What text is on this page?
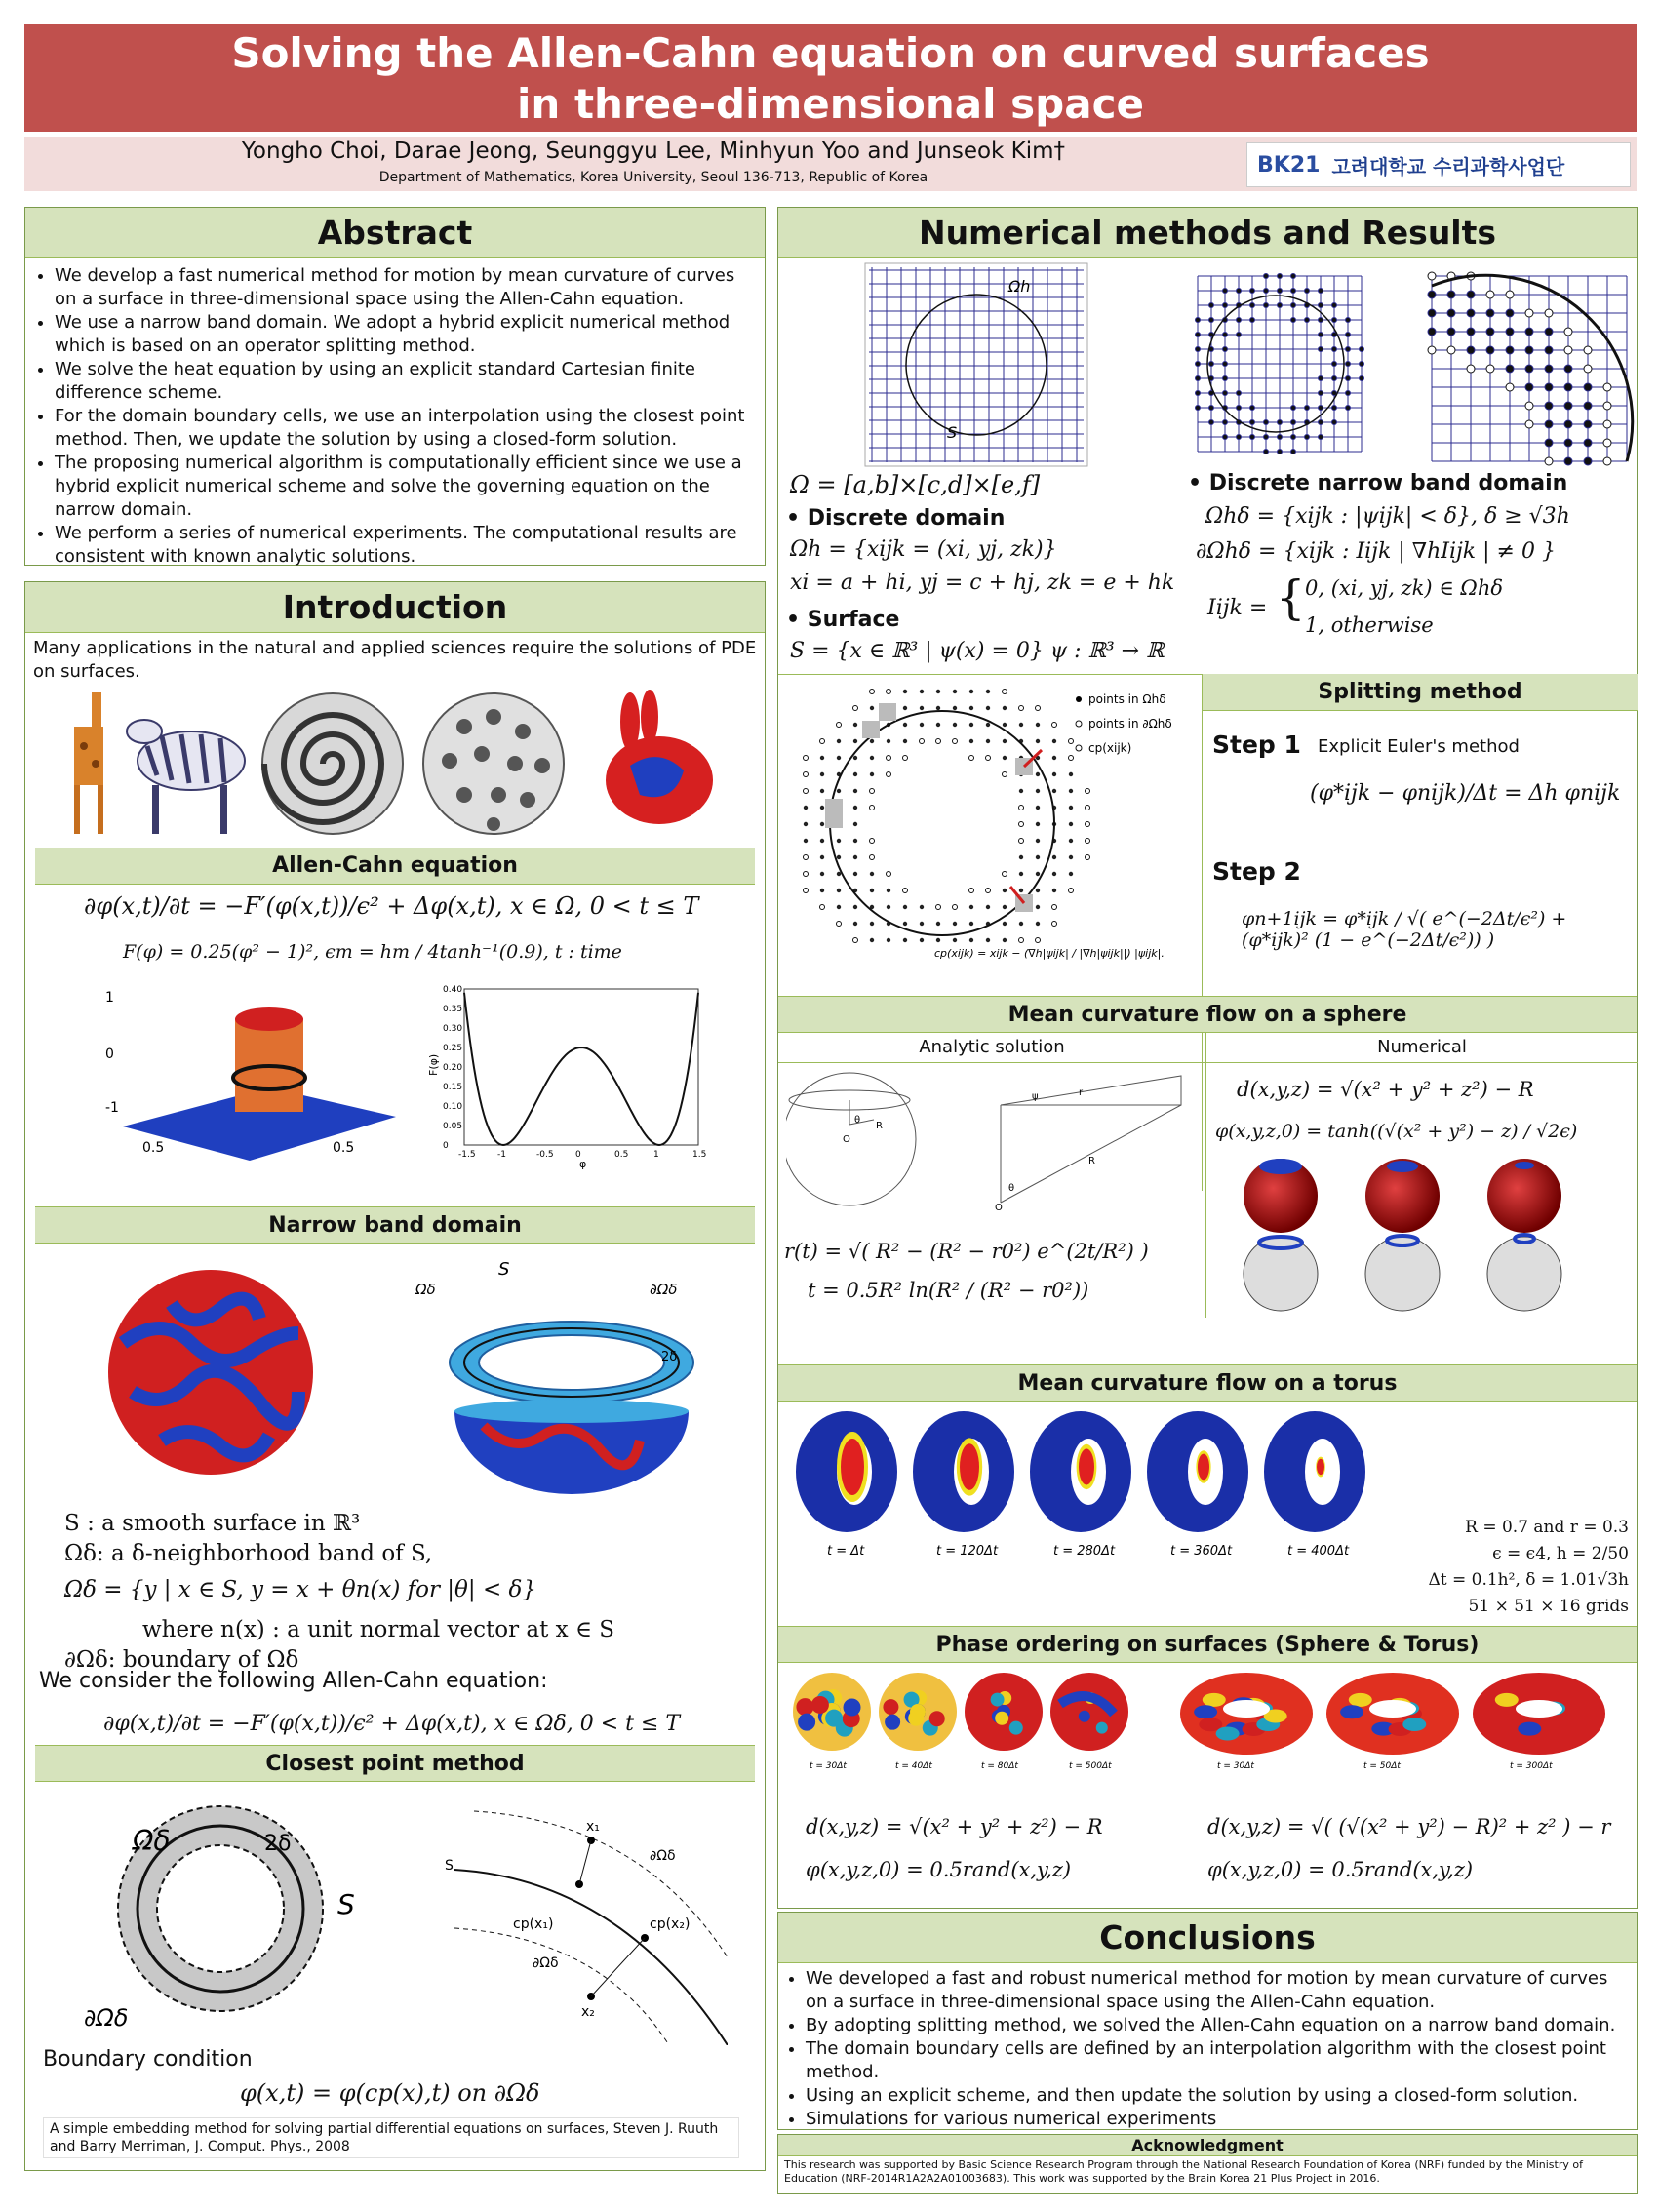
Solving the Allen-Cahn equation on curved surfaces
in three-dimensional space
Yongho Choi, Darae Jeong, Seunggyu Lee, Minhyun Yoo and Junseok Kim†
Department of Mathematics, Korea University, Seoul 136-713, Republic of Korea
BK21 고려대학교 수리과학사업단
Abstract
• We develop a fast numerical method for motion by mean curvature of curves on a surface in three-dimensional space using the Allen-Cahn equation.
• We use a narrow band domain. We adopt a hybrid explicit numerical method which is based on an operator splitting method.
• We solve the heat equation by using an explicit standard Cartesian finite difference scheme.
• For the domain boundary cells, we use an interpolation using the closest point method. Then, we update the solution by using a closed-form solution.
• The proposing numerical algorithm is computationally efficient since we use a hybrid explicit numerical scheme and solve the governing equation on the narrow domain.
• We perform a series of numerical experiments. The computational results are consistent with known analytic solutions.
Introduction
Many applications in the natural and applied sciences require the solutions of PDE on surfaces.
Allen-Cahn equation
∂φ(x,t)/∂t = −F′(φ(x,t))/ϵ² + Δφ(x,t), x ∈ Ω, 0 < t ≤ T
F(φ) = 0.25(φ² − 1)², ϵm = hm / 4tanh⁻¹(0.9), t : time
1
0
-1
0.5	0.5
0.40
0.35
0.30
0.25
0.20
0.15
0.10
0.05
0
-1.5 -1	-0.5 0	0.5	1	1.5
F(φ)
φ
Narrow band domain
S
Ωδ	∂Ωδ
2δ
S : a smooth surface in ℝ³
Ωδ: a δ-neighborhood band of S,
Ωδ = {y | x ∈ S, y = x + θn(x) for |θ| < δ}
where n(x) : a unit normal vector at x ∈ S
∂Ωδ: boundary of Ωδ
We consider the following Allen-Cahn equation:
∂φ(x,t)/∂t = −F′(φ(x,t))/ϵ² + Δφ(x,t), x ∈ Ωδ, 0 < t ≤ T
Closest point method
Ωδ	2δ
S
∂Ωδ
x₁
S
∂Ωδ
cp(x₁)	cp(x₂)
∂Ωδ
x₂
Boundary condition
φ(x,t) = φ(cp(x),t) on ∂Ωδ
A simple embedding method for solving partial differential equations on surfaces, Steven J. Ruuth and Barry Merriman, J. Comput. Phys., 2008
Numerical methods and Results
Ωh
S
Ω = [a,b]×[c,d]×[e,f]
• Discrete domain
Ωh = {xijk = (xi, yj, zk)}
xi = a + hi, yj = c + hj, zk = e + hk
• Surface
S = {x ∈ ℝ³ | ψ(x) = 0} ψ : ℝ³ → ℝ
• Discrete narrow band domain
Ωhδ = {xijk : |ψijk| < δ}, δ ≥ √3h
∂Ωhδ = {xijk : Iijk | ∇hIijk | ≠ 0 }
Iijk = { 0, (xi, yj, zk) ∈ Ωhδ
1, otherwise
points in Ωhδ
points in ∂Ωhδ
cp(xijk)
cp(xijk) = xijk − (∇h|ψijk| / |∇h|ψijk||) |ψijk|.
Splitting method
Step 1 Explicit Euler's method
(φ*ijk − φnijk)/Δt = Δh φnijk
Step 2
φn+1ijk = φ*ijk / √( e^(−2Δt/ϵ²) + (φ*ijk)² (1 − e^(−2Δt/ϵ²)) )
Mean curvature flow on a sphere
Analytic solution	Numerical
r
R
θ
ψ
O
R
θ
O
r(t) = √( R² − (R² − r0²) e^(2t/R²) )
t = 0.5R² ln(R² / (R² − r0²))
d(x,y,z) = √(x² + y² + z²) − R
φ(x,y,z,0) = tanh((√(x² + y²) − z) / √2ϵ)
Mean curvature flow on a torus
t = Δt	t = 120Δt	t = 280Δt	t = 360Δt	t = 400Δt
R = 0.7 and r = 0.3
ϵ = ϵ4, h = 2/50
Δt = 0.1h², δ = 1.01√3h
51 × 51 × 16 grids
Phase ordering on surfaces (Sphere & Torus)
t = 30Δt	t = 40Δt	t = 80Δt	t = 500Δt	t = 30Δt	t = 50Δt	t = 300Δt
d(x,y,z) = √(x² + y² + z²) − R
φ(x,y,z,0) = 0.5rand(x,y,z)
d(x,y,z) = √( (√(x² + y²) − R)² + z² ) − r
φ(x,y,z,0) = 0.5rand(x,y,z)
Conclusions
• We developed a fast and robust numerical method for motion by mean curvature of curves on a surface in three-dimensional space using the Allen-Cahn equation.
• By adopting splitting method, we solved the Allen-Cahn equation on a narrow band domain.
• The domain boundary cells are defined by an interpolation algorithm with the closest point method.
• Using an explicit scheme, and then update the solution by using a closed-form solution.
• Simulations for various numerical experiments
Acknowledgment
This research was supported by Basic Science Research Program through the National Research Foundation of Korea (NRF) funded by the Ministry of Education (NRF-2014R1A2A2A01003683). This work was supported by the Brain Korea 21 Plus Project in 2016.
